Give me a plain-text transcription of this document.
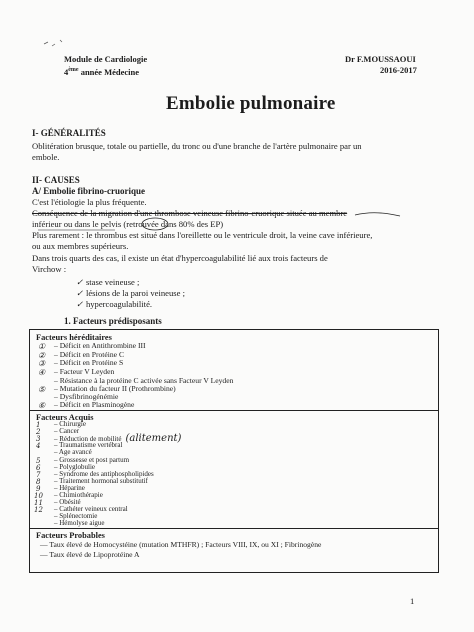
Module de Cardiologie
4ème année Médecine
Dr F.MOUSSAOUI
2016-2017
Embolie pulmonaire
I- GÉNÉRALITÉS
Oblitération brusque, totale ou partielle, du tronc ou d'une branche de l'artère pulmonaire par un
embole.
II- CAUSES
A/ Embolie fibrino-cruorique
C'est l'étiologie la plus fréquente.
Conséquence de la migration d'une thrombose veineuse fibrino-cruorique située au membre
inférieur ou dans le pelvis (retrouvée dans 80% des EP)
Plus rarement : le thrombus est situé dans l'oreillette ou le ventricule droit, la veine cave inférieure,
ou aux membres supérieurs.
Dans trois quarts des cas, il existe un état d'hypercoagulabilité lié aux trois facteurs de
Virchow :
✓ stase veineuse ;
✓ lésions de la paroi veineuse ;
✓ hypercoagulabilité.
1. Facteurs prédisposants
Facteurs héréditaires
– Déficit en Antithrombine III
– Déficit en Protéine C
– Déficit en Protéine S
– Facteur V Leyden
– Résistance à la protéine C activée sans Facteur V Leyden
– Mutation du facteur II (Prothrombine)
– Dysfibrinogénémie
– Déficit en Plasminogène
①
②
③
④
⑤
⑥
Facteurs Acquis
– Chirurgie
– Cancer
– Réduction de mobilité (alitement)
– Traumatisme vertébral
– Age avancé
– Grossesse et post partum
– Polyglobulie
– Syndrome des antiphospholipides
– Traitement hormonal substitutif
– Héparine
– Chimiothérapie
– Obésité
– Cathéter veineux central
– Splénectomie
– Hémolyse aigue
1
2
3
4
5
6
7
8
9
10
11
12
Facteurs Probables
— Taux élevé de Homocystéine (mutation MTHFR) ; Facteurs VIII, IX, ou XI ; Fibrinogène
— Taux élevé de Lipoprotéine A
1
